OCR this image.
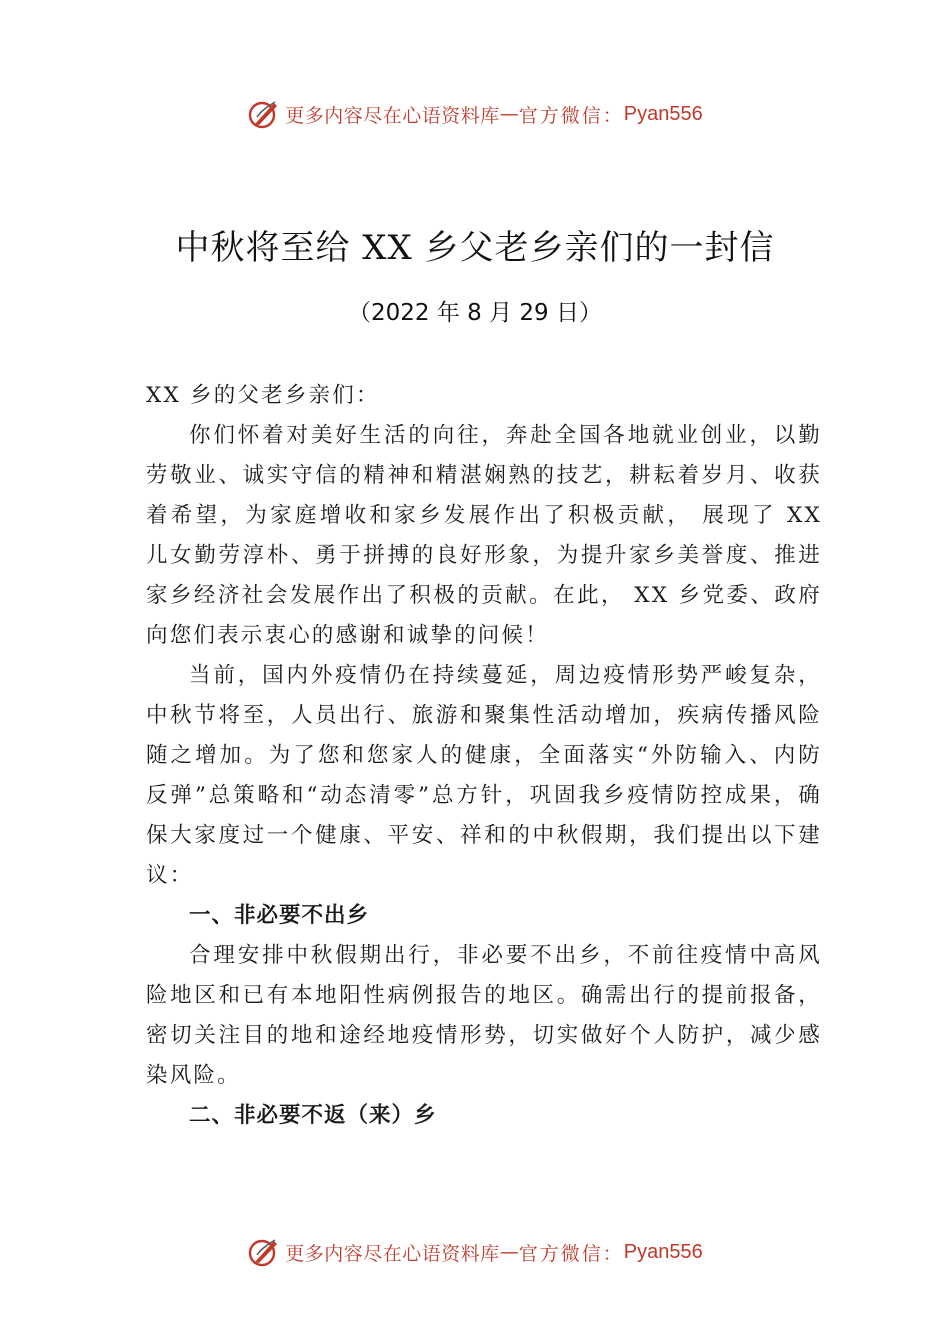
更多内容尽在心语资料库 — 官方微信： Pyan556
中秋将至给 XX 乡父老乡亲们的一封信
（2022 年 8 月 29 日）

XX 乡的父老乡亲们：

你们怀着对美好生活的向往，奔赴全国各地就业创业，以勤劳敬业、诚实守信的精神和精湛娴熟的技艺，耕耘着岁月、收获着希望，为家庭增收和家乡发展作出了积极贡献， 展现了 XX 儿女勤劳淳朴、勇于拼搏的良好形象，为提升家乡美誉度、推进家乡经济社会发展作出了积极的贡献。在此， XX 乡党委、政府向您们表示衷心的感谢和诚挚的问候！

当前，国内外疫情仍在持续蔓延，周边疫情形势严峻复杂，中秋节将至，人员出行、旅游和聚集性活动增加，疾病传播风险随之增加。为了您和您家人的健康，全面落实“外防输入、内防反弹”总策略和“动态清零”总方针，巩固我乡疫情防控成果，确保大家度过一个健康、平安、祥和的中秋假期，我们提出以下建议：

一、非必要不出乡

合理安排中秋假期出行，非必要不出乡，不前往疫情中高风险地区和已有本地阳性病例报告的地区。确需出行的提前报备，密切关注目的地和途经地疫情形势，切实做好个人防护，减少感染风险。

二、非必要不返（来）乡

更多内容尽在心语资料库 — 官方微信： Pyan556
